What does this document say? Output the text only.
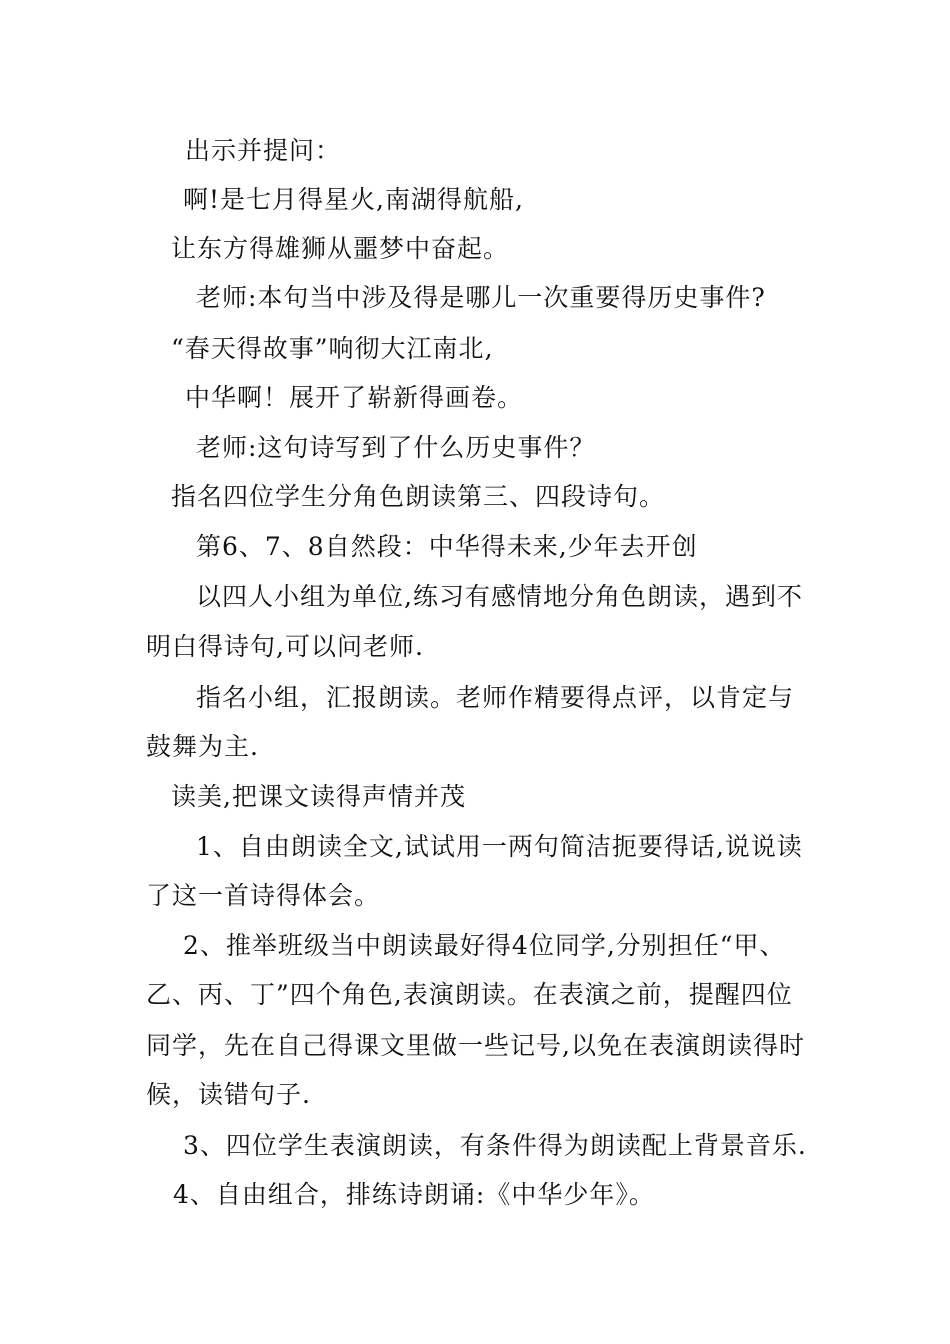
出示并提问：
啊!是七月得星火,南湖得航船,
让东方得雄狮从噩梦中奋起。
老师:本句当中涉及得是哪儿一次重要得历史事件?
“春天得故事”响彻大江南北,
中华啊！展开了崭新得画卷。
老师:这句诗写到了什么历史事件？
指名四位学生分角色朗读第三、四段诗句。
第6、7、8自然段：中华得未来,少年去开创
以四人小组为单位,练习有感情地分角色朗读，遇到不
明白得诗句,可以问老师.
指名小组，汇报朗读。老师作精要得点评，以肯定与
鼓舞为主.
读美,把课文读得声情并茂
1、自由朗读全文,试试用一两句简洁扼要得话,说说读
了这一首诗得体会。
2、推举班级当中朗读最好得4位同学,分别担任“甲、
乙、丙、丁”四个角色,表演朗读。在表演之前，提醒四位
同学，先在自己得课文里做一些记号,以免在表演朗读得时
候，读错句子.
3、四位学生表演朗读，有条件得为朗读配上背景音乐.
4、自由组合，排练诗朗诵:《中华少年》。
